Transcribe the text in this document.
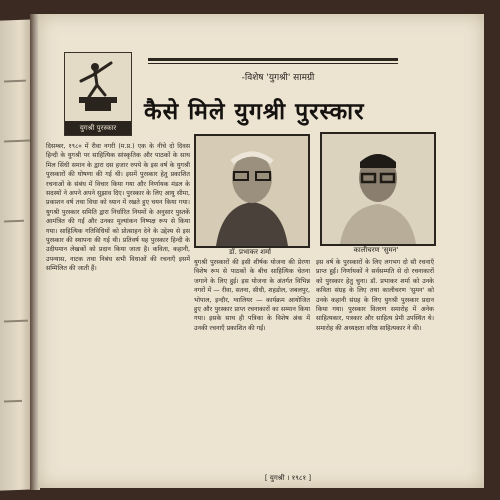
-विशेष 'युगश्री' सामग्री
कैसे मिले युगश्री पुरस्कार
युगश्री पुरस्कार
डॉ. प्रभाकर शर्मा	कालीचरण 'सुमन'
दिसम्बर, १९८० में रीवा नगरी (म.प्र.) एक के नीचे दो दिवस हिन्दी के युगश्री पर साहित्यिक सांस्कृतिक और पाठकों के साथ मिल सिंधी समान के द्वारा दस हजार रुपये के इस वर्ष के युगश्री पुरस्कारों की घोषणा की गई थी। इसमें पुरस्कार हेतु प्रकाशित रचनाओं के संबंध में विचार किया गया और निर्णायक मंडल के सदस्यों ने अपने अपने सुझाव दिए। पुरस्कार के लिए आयु सीमा, प्रकाशन वर्ष तथा विधा को ध्यान में रखते हुए चयन किया गया। युगश्री पुरस्कार समिति द्वारा निर्धारित नियमों के अनुसार पुस्तकें आमंत्रित की गईं और उनका मूल्यांकन निष्पक्ष रूप से किया गया। साहित्यिक गतिविधियों को प्रोत्साहन देने के उद्देश्य से इस पुरस्कार की स्थापना की गई थी। प्रतिवर्ष यह पुरस्कार हिन्दी के उदीयमान लेखकों को प्रदान किया जाता है। कविता, कहानी, उपन्यास, नाटक तथा निबंध सभी विधाओं की रचनाएँ इसमें सम्मिलित की जाती हैं।
युगश्री पुरस्कारों की इसी शीर्षक योजना की प्रेरणा विशेष रूप से पाठकों के बीच साहित्यिक चेतना जगाने के लिए हुई। इस योजना के अंतर्गत विभिन्न नगरों में — रीवा, सतना, सीधी, शहडोल, जबलपुर, भोपाल, इन्दौर, ग्वालियर — कार्यक्रम आयोजित हुए और पुरस्कार प्राप्त रचनाकारों का सम्मान किया गया। इसके साथ ही पत्रिका के विशेष अंक में उनकी रचनाएँ प्रकाशित की गईं।
इस वर्ष के पुरस्कारों के लिए लगभग दो सौ रचनाएँ प्राप्त हुईं। निर्णायकों ने सर्वसम्मति से दो रचनाकारों को पुरस्कार हेतु चुना। डॉ. प्रभाकर शर्मा को उनके कविता संग्रह के लिए तथा कालीचरण 'सुमन' को उनके कहानी संग्रह के लिए युगश्री पुरस्कार प्रदान किया गया। पुरस्कार वितरण समारोह में अनेक साहित्यकार, पत्रकार और साहित्य प्रेमी उपस्थित थे। समारोह की अध्यक्षता वरिष्ठ साहित्यकार ने की।
[ युगश्री । १९८१ ]
